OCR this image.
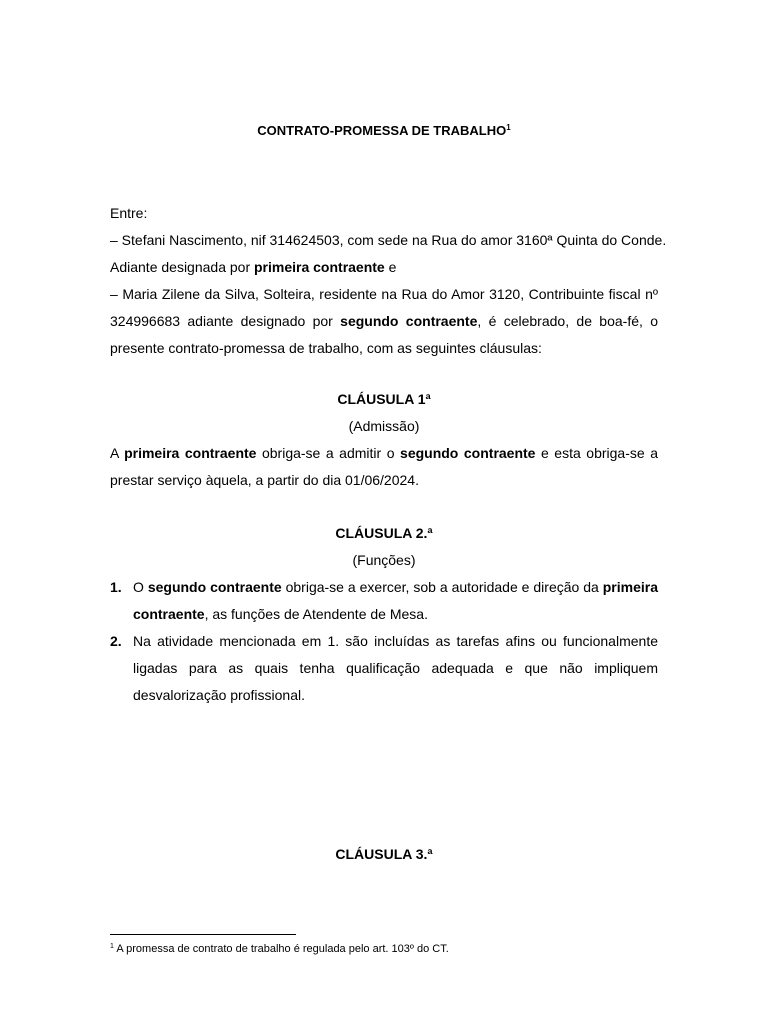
CONTRATO-PROMESSA DE TRABALHO$^1$
Entre:
– Stefani Nascimento, nif 314624503, com sede na Rua do amor 3160ª Quinta do Conde.
Adiante designada por primeira contraente e
– Maria Zilene da Silva, Solteira, residente na Rua do Amor 3120, Contribuinte fiscal nº 324996683 adiante designado por segundo contraente, é celebrado, de boa-fé, o presente contrato-promessa de trabalho, com as seguintes cláusulas:
CLÁUSULA 1ª
(Admissão)
A primeira contraente obriga-se a admitir o segundo contraente e esta obriga-se a prestar serviço àquela, a partir do dia 01/06/2024.
CLÁUSULA 2.ª
(Funções)
1. O segundo contraente obriga-se a exercer, sob a autoridade e direção da primeira contraente, as funções de Atendente de Mesa.
2. Na atividade mencionada em 1. são incluídas as tarefas afins ou funcionalmente ligadas para as quais tenha qualificação adequada e que não impliquem desvalorização profissional.
CLÁUSULA 3.ª
$^1$ A promessa de contrato de trabalho é regulada pelo art. 103º do CT.
